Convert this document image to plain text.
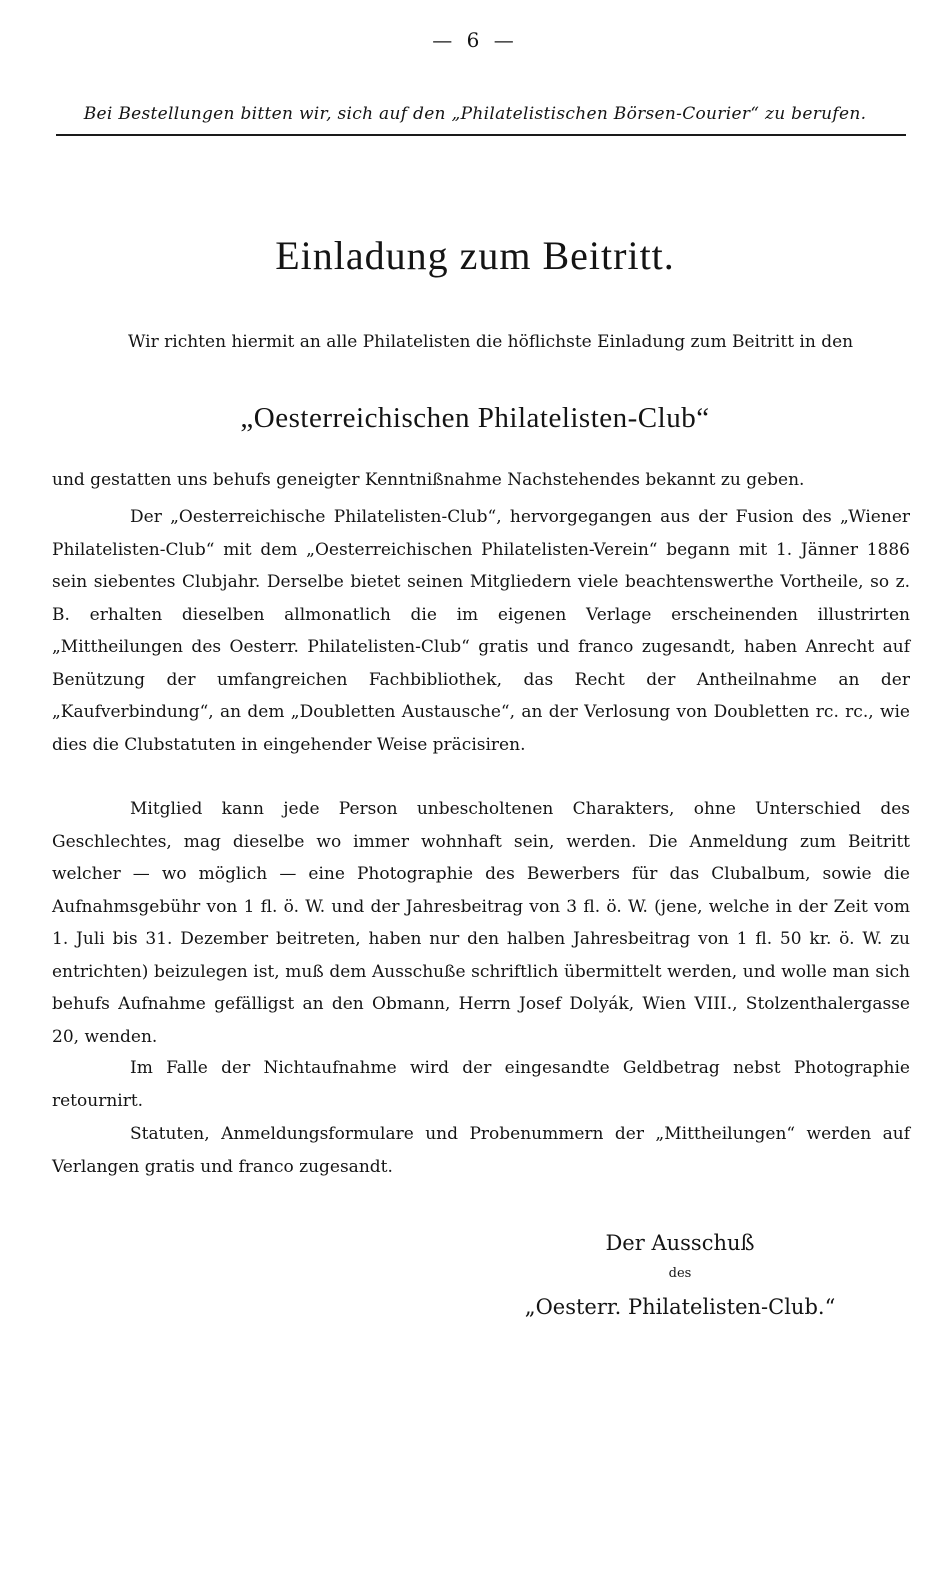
— 6 —
Bei Bestellungen bitten wir, sich auf den „Philatelistischen Börsen-Courier“ zu berufen.
Einladung zum Beitritt.

Wir richten hiermit an alle Philatelisten die höflichste Einladung zum Beitritt in den

„Oesterreichischen Philatelisten-Club“

und gestatten uns behufs geneigter Kenntnißnahme Nachstehendes bekannt zu geben.

Der „Oesterreichische Philatelisten-Club“, hervorgegangen aus der Fusion des „Wiener Philatelisten-Club“ mit dem „Oesterreichischen Philatelisten-Verein“ begann mit 1. Jänner 1886 sein siebentes Clubjahr. Derselbe bietet seinen Mitgliedern viele beachtenswerthe Vortheile, so z. B. erhalten dieselben allmonatlich die im eigenen Verlage erscheinenden illustrirten „Mittheilungen des Oesterr. Philatelisten-Club“ gratis und franco zugesandt, haben Anrecht auf Benützung der umfangreichen Fachbibliothek, das Recht der Antheilnahme an der „Kaufverbindung“, an dem „Doubletten Austausche“, an der Verlosung von Doubletten rc. rc., wie dies die Clubstatuten in eingehender Weise präcisiren.

Mitglied kann jede Person unbescholtenen Charakters, ohne Unterschied des Geschlechtes, mag dieselbe wo immer wohnhaft sein, werden. Die Anmeldung zum Beitritt welcher — wo möglich — eine Photographie des Bewerbers für das Clubalbum, sowie die Aufnahmsgebühr von 1 fl. ö. W. und der Jahresbeitrag von 3 fl. ö. W. (jene, welche in der Zeit vom 1. Juli bis 31. Dezember beitreten, haben nur den halben Jahresbeitrag von 1 fl. 50 kr. ö. W. zu entrichten) beizulegen ist, muß dem Ausschuße schriftlich übermittelt werden, und wolle man sich behufs Aufnahme gefälligst an den Obmann, Herrn Josef Dolyák, Wien VIII., Stolzenthalergasse 20, wenden.

Im Falle der Nichtaufnahme wird der eingesandte Geldbetrag nebst Photographie retournirt.

Statuten, Anmeldungsformulare und Probenummern der „Mittheilungen“ werden auf Verlangen gratis und franco zugesandt.

Der Ausschuß
des
„Oesterr. Philatelisten-Club.“
